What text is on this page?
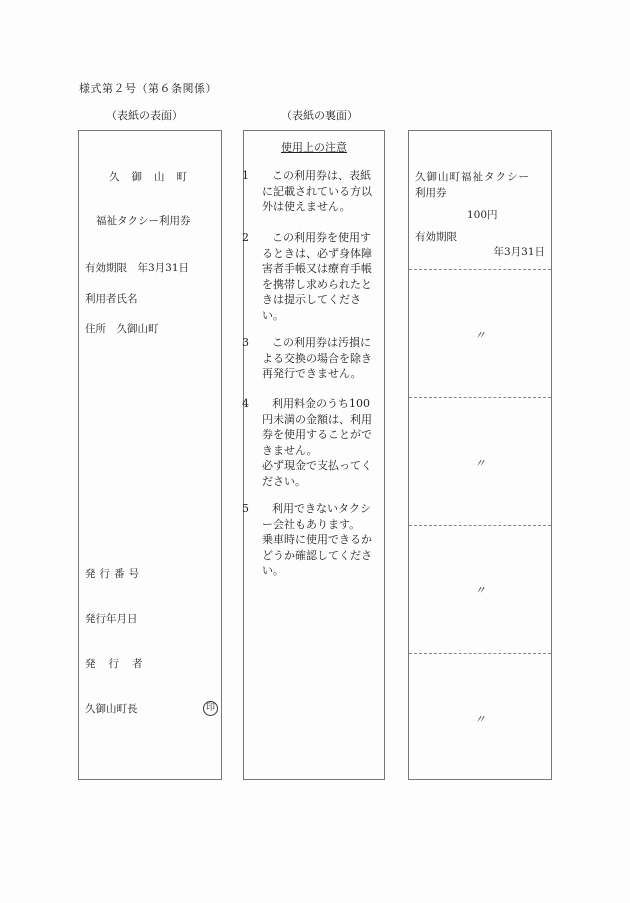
様式第２号（第６条関係）
（表紙の表面）	（表紙の裏面）
久御山町
福祉タクシー利用券
有効期限　年3月31日
利用者氏名
住所　久御山町
発行番号
発行年月日
発行者
久御山町長	印
使用上の注意

1 この利用券は、表紙

に記載されている方以

外は使えません。

2 この利用券を使用す

るときは、必ず身体障

害者手帳又は療育手帳

を携帯し求められたと

きは提示してくださ

い。

3 この利用券は汚損に

よる交換の場合を除き

再発行できません。

4 利用料金のうち100

円未満の金額は、利用

券を使用することがで

きません。

必ず現金で支払ってく

ださい。

5 利用できないタクシ

ー会社もあります。

乗車時に使用できるか

どうか確認してくださ

い。

久御山町福祉タクシー
利用券
100円
有効期限
年3月31日
〃
〃
〃
〃
